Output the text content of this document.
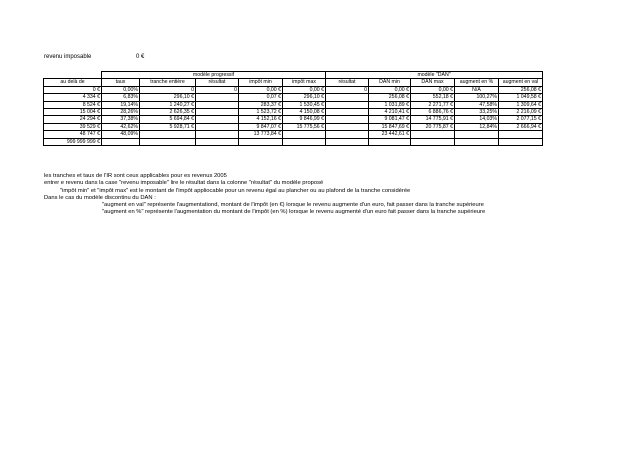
revenu imposable	0 €
	modèle progressif					modèle "DAN"				
au delà de	taux	tranche entière	résultat	impôt min	impôt max	résultat	DAN min	DAN max	augment en %	augment en val
0 €	0,00%	0	0	0,00 €	0,00 €	0	0,00 €	0,00 €	N/A	256,08 €
4 334 €	6,83%	296,10 €		0,07 €	296,10 €		256,08 €	552,18 €	100,27%	1 049,58 €
8 524 €	19,14%	1 240,27 €		283,37 €	1 530,45 €		1 031,89 €	2 271,77 €	47,58%	1 309,64 €
15 004 €	28,26%	2 626,35 €		1 523,72 €	4 150,08 €		4 210,41 €	6 886,76 €	33,25%	2 216,09 €
24 294 €	37,38%	5 694,84 €		4 152,16 €	9 846,99 €		9 081,47 €	14 775,91 €	14,03%	2 077,15 €
39 529 €	42,62%	5 928,71 €		9 847,07 €	15 775,56 €		15 847,69 €	20 775,87 €	12,84%	2 666,94 €
48 747 €	48,09%			13 773,84 €			23 442,61 €			
999 999 999 €										

les tranches et taux de l'IR sont ceux applicables pour es revenus 2005

entrer e revenu dans la case "revenu imposable" lire le résultat dans la colonne "résultat" du modèle proposé

"impôt min" et "impôt max" est le montant de l'impôt appliocable pour un revenu égal au plancher ou au plafond de la tranche considérée

Dans le cas du modèle discontinu du DAN :

"augment en val" représente l'augmentationd, montant de l'impôt (en €) lorsque le revenu augmente d'un euro, fait passer dans la tranche supérieure

"augment en %" représente l'augmentation du montant de l'impôt (en %) lorsque le revenu augmenté d'un euro fait passer dans la tranche supérieure
